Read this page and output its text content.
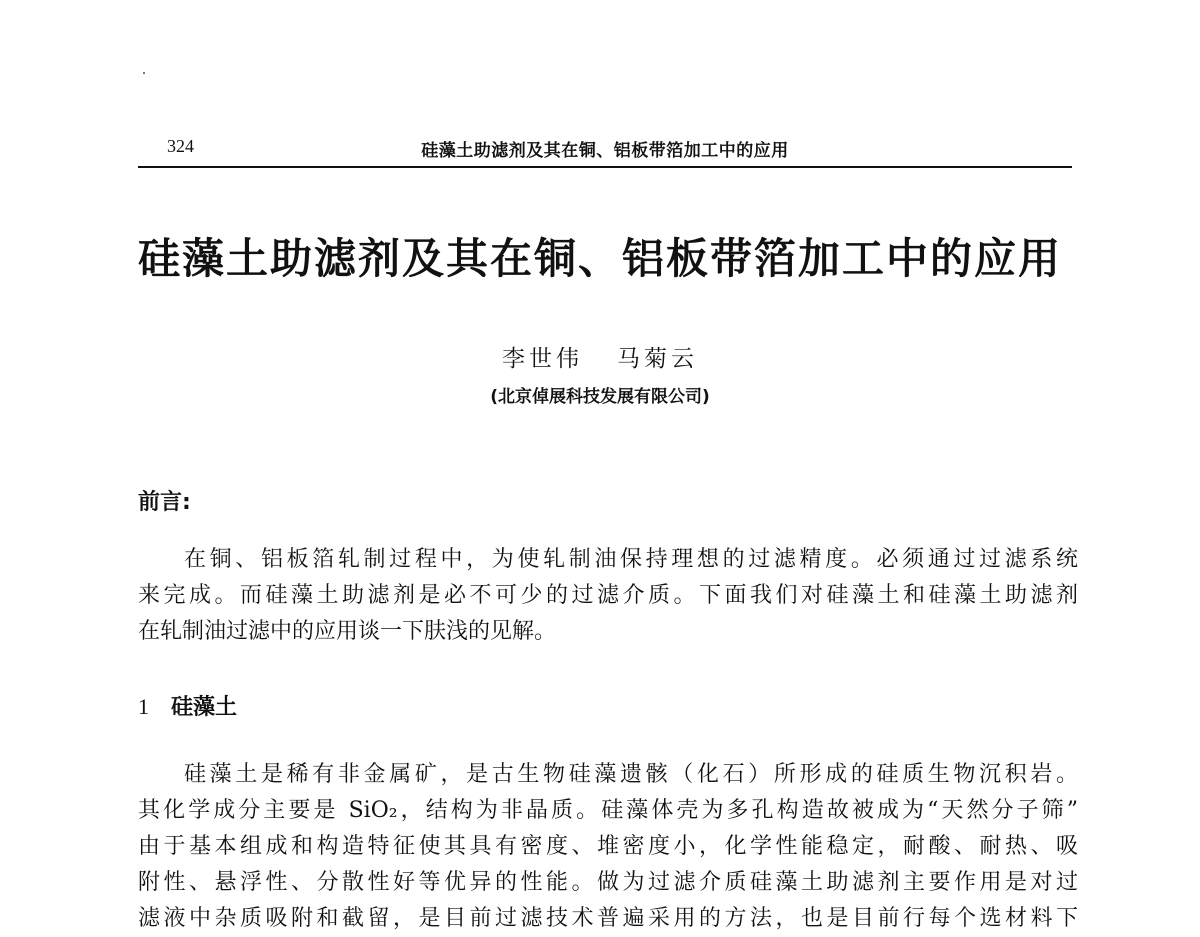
324	硅藻土助滤剂及其在铜、铝板带箔加工中的应用
硅藻土助滤剂及其在铜、铝板带箔加工中的应用
李世伟 马菊云
(北京倬展科技发展有限公司)
前言:
在铜、铝板箔轧制过程中，为使轧制油保持理想的过滤精度。必须通过过滤系统
来完成。而硅藻土助滤剂是必不可少的过滤介质。下面我们对硅藻土和硅藻土助滤剂
在轧制油过滤中的应用谈一下肤浅的见解。
1 硅藻土
硅藻土是稀有非金属矿，是古生物硅藻遗骸（化石）所形成的硅质生物沉积岩。
其化学成分主要是 SiO₂，结构为非晶质。硅藻体壳为多孔构造故被成为“天然分子筛”
由于基本组成和构造特征使其具有密度、堆密度小，化学性能稳定，耐酸、耐热、吸
附性、悬浮性、分散性好等优异的性能。做为过滤介质硅藻土助滤剂主要作用是对过
滤液中杂质吸附和截留，是目前过滤技术普遍采用的方法，也是目前行每个选材料下
